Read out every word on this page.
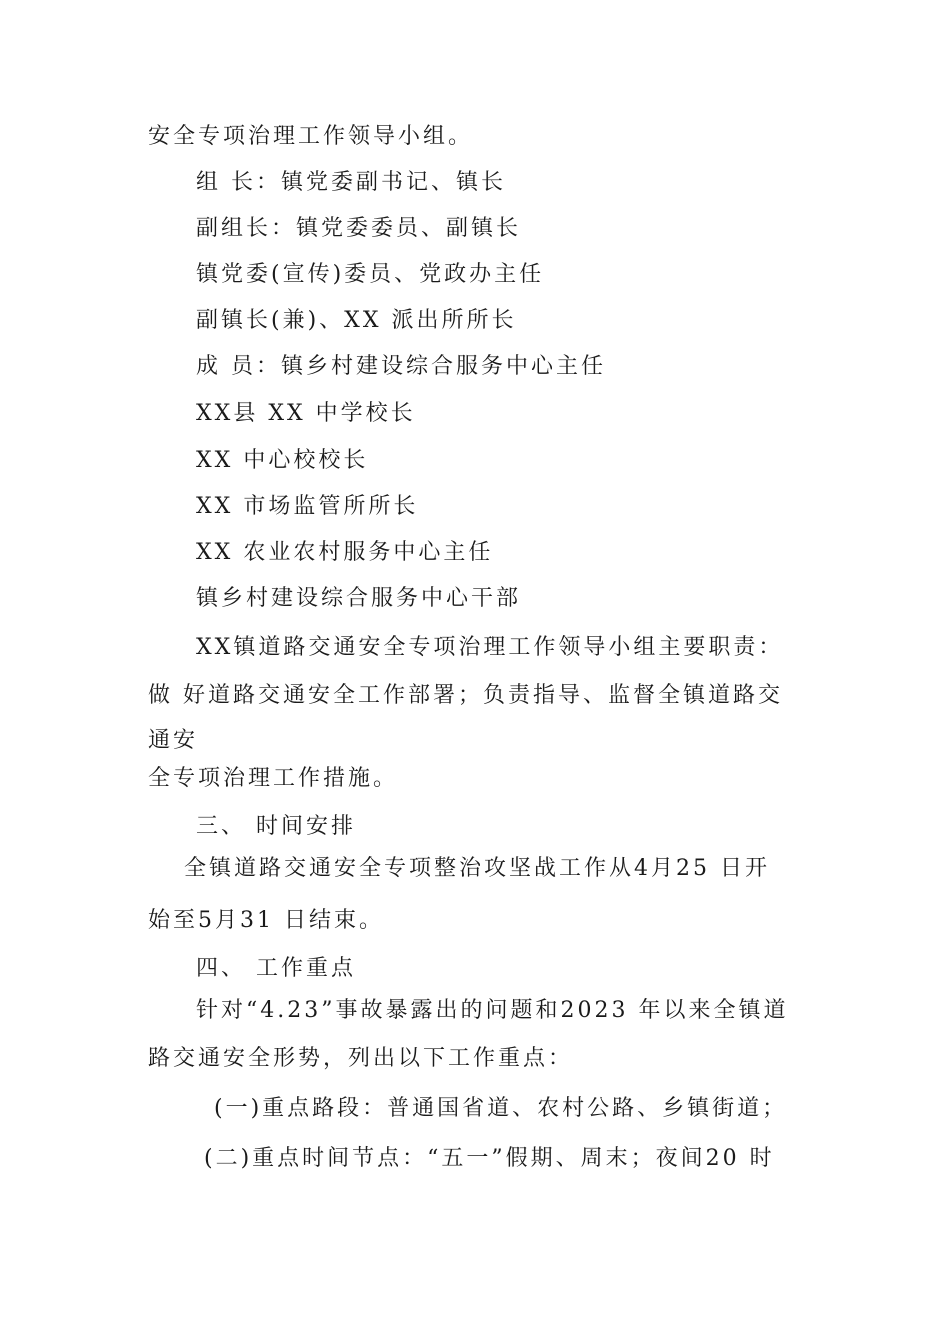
安全专项治理工作领导小组。
组 长：镇党委副书记、镇长
副组长：镇党委委员、副镇长
镇党委(宣传)委员、党政办主任
副镇长(兼)、XX 派出所所长
成 员：镇乡村建设综合服务中心主任
XX县 XX 中学校长
XX 中心校校长
XX 市场监管所所长
XX 农业农村服务中心主任
镇乡村建设综合服务中心干部
XX镇道路交通安全专项治理工作领导小组主要职责：
做 好道路交通安全工作部署；负责指导、监督全镇道路交
通安
全专项治理工作措施。
三、 时间安排
全镇道路交通安全专项整治攻坚战工作从4月25 日开
始至5月31 日结束。
四、 工作重点
针对“4.23”事故暴露出的问题和2023 年以来全镇道
路交通安全形势，列出以下工作重点：
(一)重点路段：普通国省道、农村公路、乡镇街道；
(二)重点时间节点：“五一”假期、周末；夜间20 时
